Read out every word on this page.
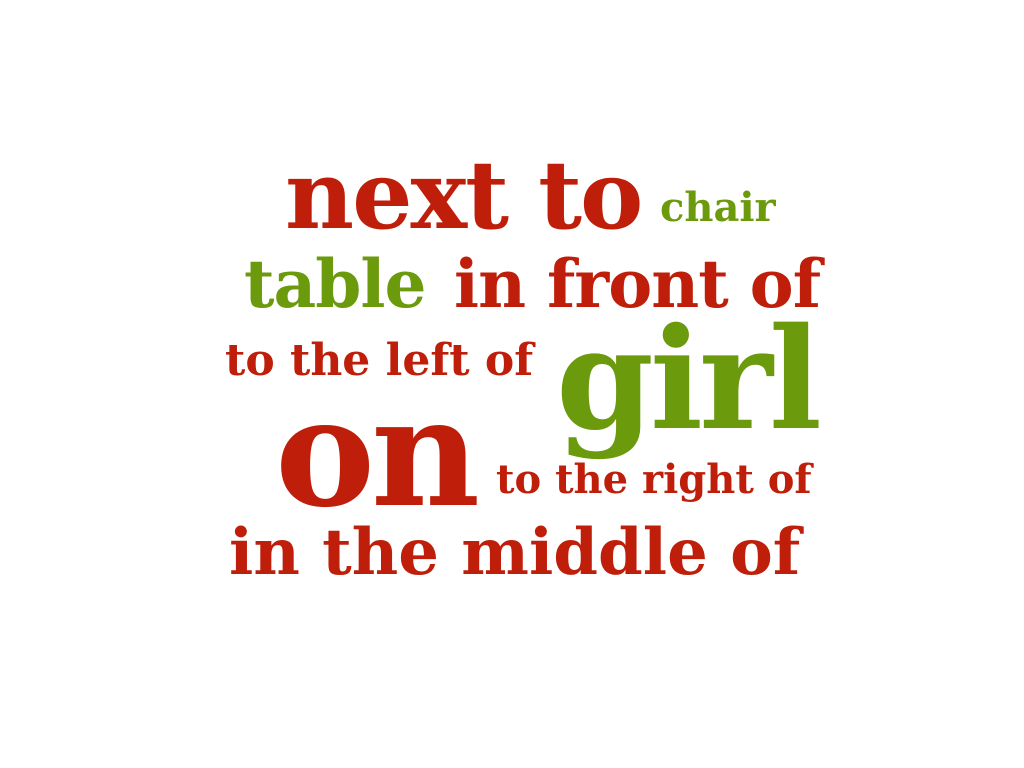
next to chair
table in front of
to the left of girl
on to the right of
in the middle of
